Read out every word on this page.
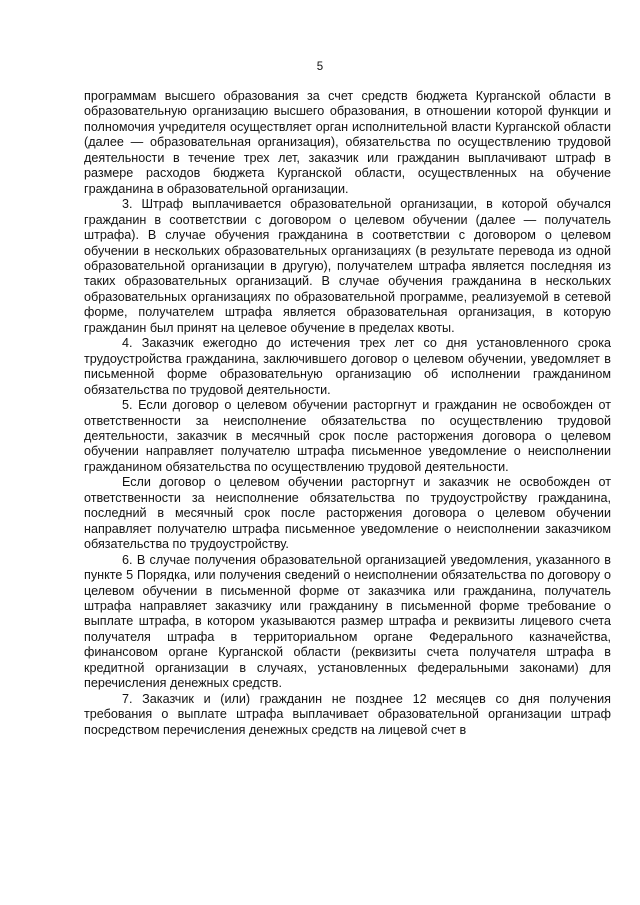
5

программам высшего образования за счет средств бюджета Курганской области в образовательную организацию высшего образования, в отношении которой функции и полномочия учредителя осуществляет орган исполнительной власти Курганской области (далее — образовательная организация), обязательства по осуществлению трудовой деятельности в течение трех лет, заказчик или гражданин выплачивают штраф в размере расходов бюджета Курганской области, осуществленных на обучение гражданина в образовательной организации.

3. Штраф выплачивается образовательной организации, в которой обучался гражданин в соответствии с договором о целевом обучении (далее — получатель штрафа). В случае обучения гражданина в соответствии с договором о целевом обучении в нескольких образовательных организациях (в результате перевода из одной образовательной организации в другую), получателем штрафа является последняя из таких образовательных организаций. В случае обучения гражданина в нескольких образовательных организациях по образовательной программе, реализуемой в сетевой форме, получателем штрафа является образовательная организация, в которую гражданин был принят на целевое обучение в пределах квоты.

4. Заказчик ежегодно до истечения трех лет со дня установленного срока трудоустройства гражданина, заключившего договор о целевом обучении, уведомляет в письменной форме образовательную организацию об исполнении гражданином обязательства по трудовой деятельности.

5. Если договор о целевом обучении расторгнут и гражданин не освобожден от ответственности за неисполнение обязательства по осуществлению трудовой деятельности, заказчик в месячный срок после расторжения договора о целевом обучении направляет получателю штрафа письменное уведомление о неисполнении гражданином обязательства по осуществлению трудовой деятельности.

Если договор о целевом обучении расторгнут и заказчик не освобожден от ответственности за неисполнение обязательства по трудоустройству гражданина, последний в месячный срок после расторжения договора о целевом обучении направляет получателю штрафа письменное уведомление о неисполнении заказчиком обязательства по трудоустройству.

6. В случае получения образовательной организацией уведомления, указанного в пункте 5 Порядка, или получения сведений о неисполнении обязательства по договору о целевом обучении в письменной форме от заказчика или гражданина, получатель штрафа направляет заказчику или гражданину в письменной форме требование о выплате штрафа, в котором указываются размер штрафа и реквизиты лицевого счета получателя штрафа в территориальном органе Федерального казначейства, финансовом органе Курганской области (реквизиты счета получателя штрафа в кредитной организации в случаях, установленных федеральными законами) для перечисления денежных средств.

7. Заказчик и (или) гражданин не позднее 12 месяцев со дня получения требования о выплате штрафа выплачивает образовательной организации штраф посредством перечисления денежных средств на лицевой счет в
